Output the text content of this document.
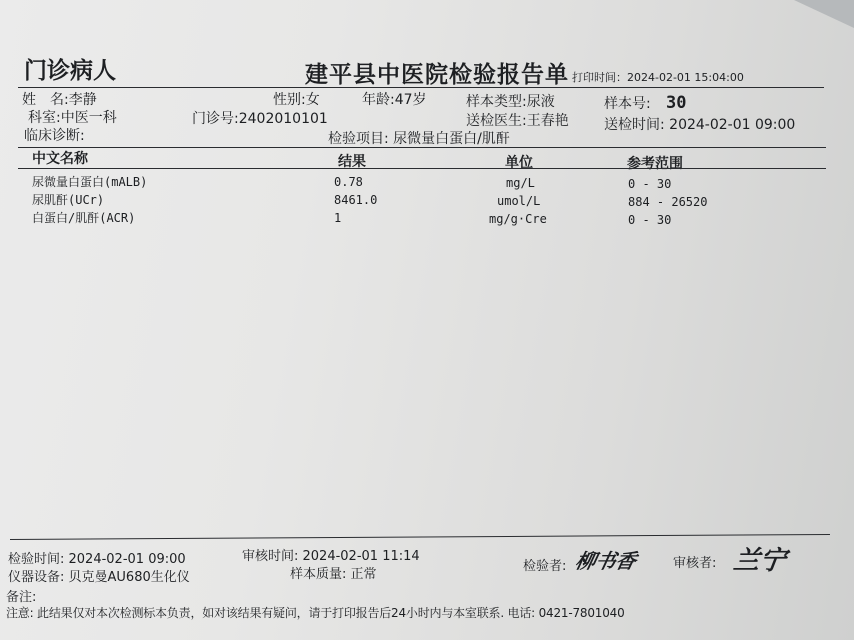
门诊病人	建平县中医院检验报告单 打印时间：2024-02-01 15:04:00
姓　名:李静	性别:女	年龄:47岁	样本类型:尿液	样本号: 30
科室:中医一科	门诊号:2402010101	送检医生:王春艳	送检时间: 2024-02-01 09:00
临床诊断:	检验项目: 尿微量白蛋白/肌酐
中文名称	结果	单位	参考范围
尿微量白蛋白(mALB)	0.78	mg/L	0 - 30
尿肌酐(UCr)	8461.0	umol/L	884 - 26520
白蛋白/肌酐(ACR)	1	mg/g·Cre	0 - 30
检验时间: 2024-02-01 09:00	审核时间: 2024-02-01 11:14
检验者: 柳书香	审核者: 兰宁
仪器设备: 贝克曼AU680生化仪	样本质量: 正常
备注:
注意: 此结果仅对本次检测标本负责，如对该结果有疑问，请于打印报告后24小时内与本室联系. 电话: 0421-7801040
